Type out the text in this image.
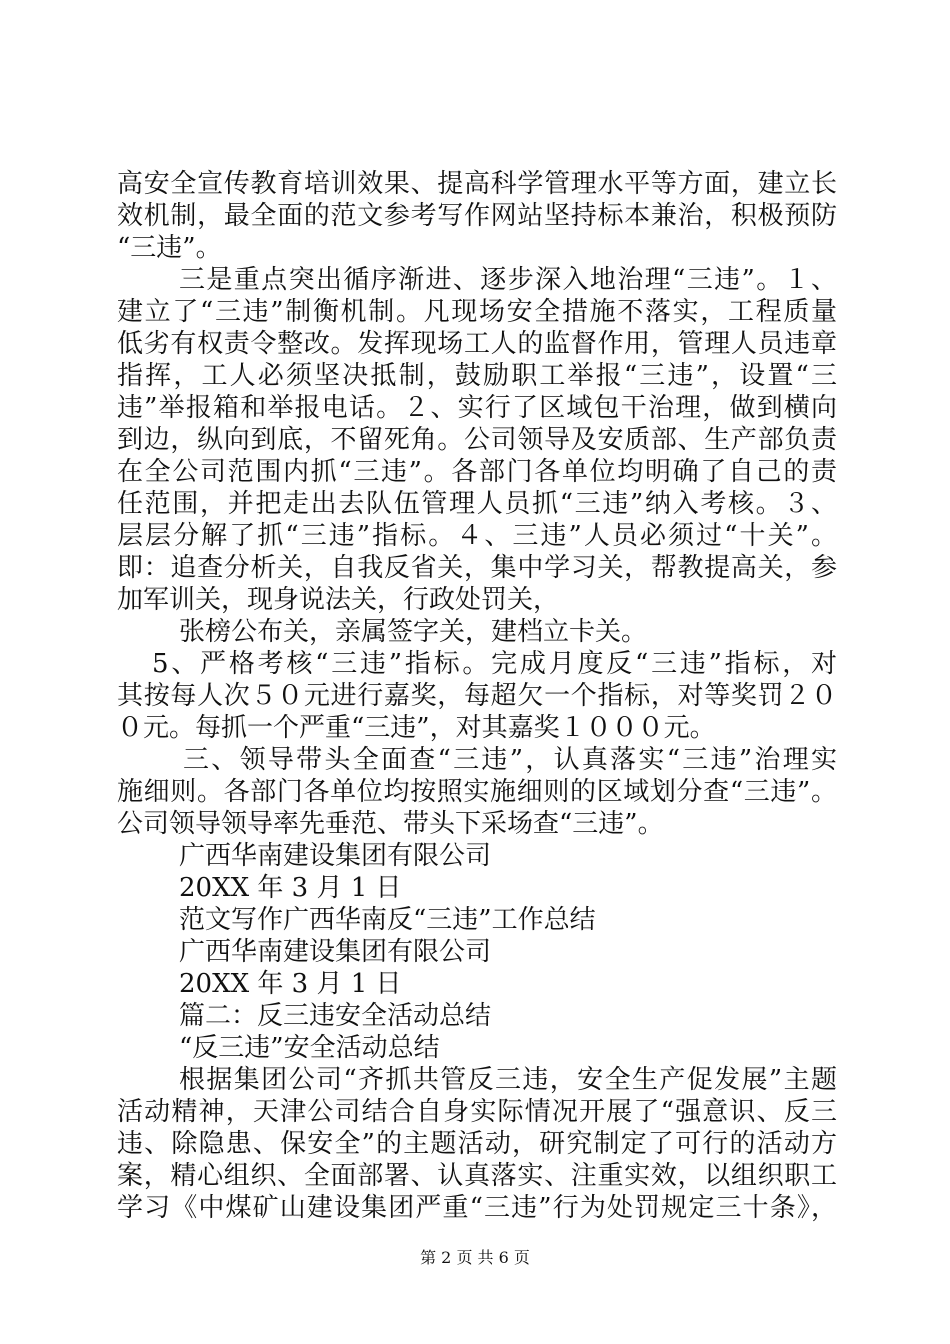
高安全宣传教育培训效果、提高科学管理水平等方面，建立长
效机制，最全面的范文参考写作网站坚持标本兼治，积极预防
“三违”。
三是重点突出循序渐进、逐步深入地治理“三违”。１、
建立了“三违”制衡机制。凡现场安全措施不落实，工程质量
低劣有权责令整改。发挥现场工人的监督作用，管理人员违章
指挥，工人必须坚决抵制，鼓励职工举报“三违”，设置“三
违”举报箱和举报电话。２、实行了区域包干治理，做到横向
到边，纵向到底，不留死角。公司领导及安质部、生产部负责
在全公司范围内抓“三违”。各部门各单位均明确了自己的责
任范围，并把走出去队伍管理人员抓“三违”纳入考核。３、
层层分解了抓“三违”指标。４、三违”人员必须过“十关”。
即：追查分析关，自我反省关，集中学习关，帮教提高关，参
加军训关，现身说法关，行政处罚关，
张榜公布关，亲属签字关，建档立卡关。
5、严格考核“三违”指标。完成月度反“三违”指标，对
其按每人次５０元进行嘉奖，每超欠一个指标，对等奖罚２０
０元。每抓一个严重“三违”，对其嘉奖１０００元。
三、领导带头全面查“三违”，认真落实“三违”治理实
施细则。各部门各单位均按照实施细则的区域划分查“三违”。
公司领导领导率先垂范、带头下采场查“三违”。
广西华南建设集团有限公司
20XX 年 3 月 1 日
范文写作广西华南反“三违”工作总结
广西华南建设集团有限公司
20XX 年 3 月 1 日
篇二：反三违安全活动总结
“反三违”安全活动总结
根据集团公司“齐抓共管反三违，安全生产促发展”主题
活动精神，天津公司结合自身实际情况开展了“强意识、反三
违、除隐患、保安全”的主题活动，研究制定了可行的活动方
案，精心组织、全面部署、认真落实、注重实效，以组织职工
学习《中煤矿山建设集团严重“三违”行为处罚规定三十条》，
第 2 页 共 6 页
